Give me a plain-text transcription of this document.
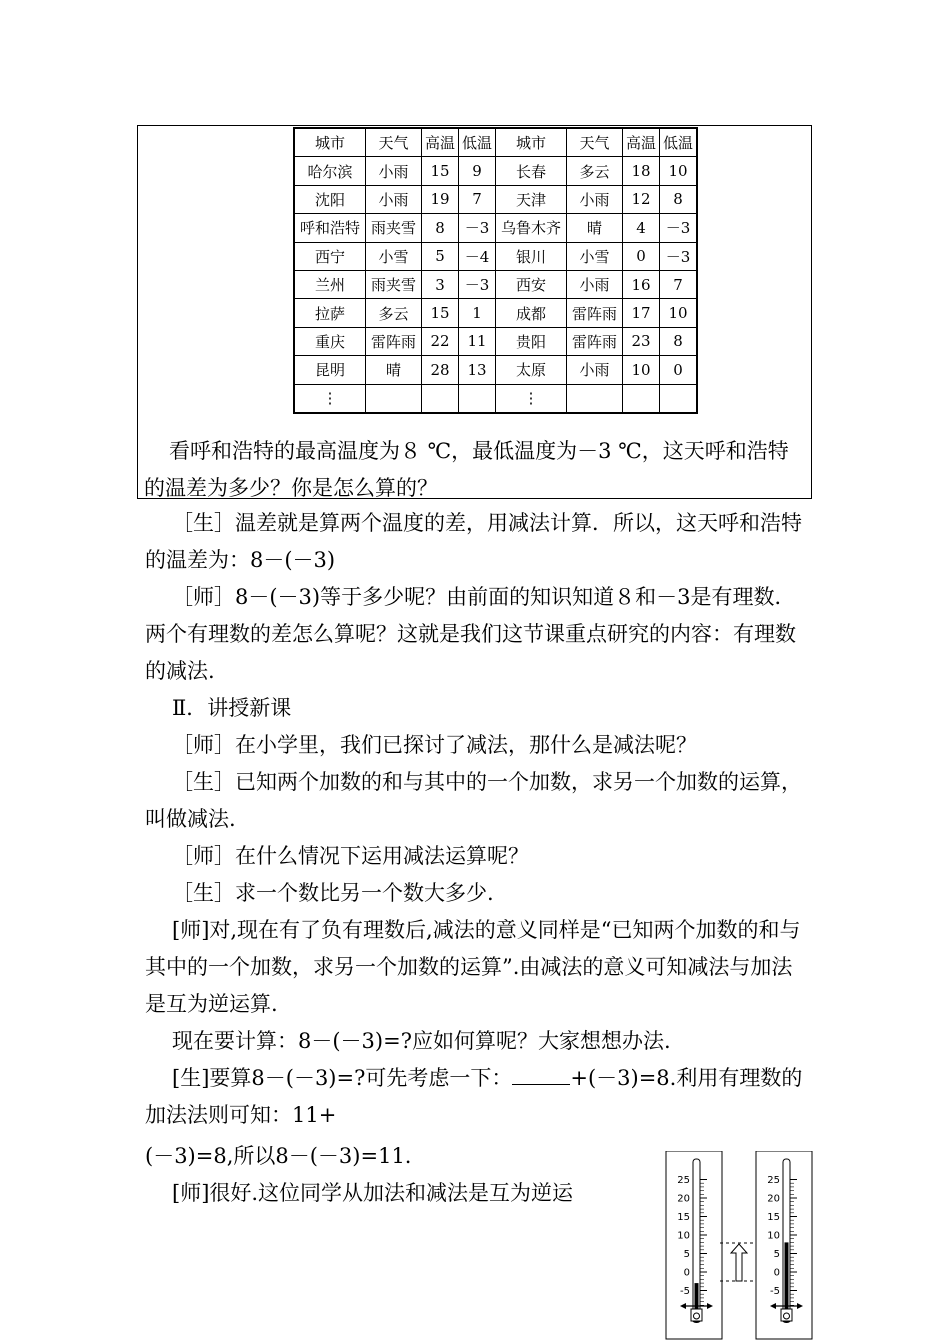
城市	天气	高温	低温	城市	天气	高温	低温
哈尔滨	小雨	15	9	长春	多云	18	10
沈阳	小雨	19	7	天津	小雨	12	8
呼和浩特	雨夹雪	8	－3	乌鲁木齐	晴	4	－3
西宁	小雪	5	－4	银川	小雪	0	－3
兰州	雨夹雪	3	－3	西安	小雨	16	7
拉萨	多云	15	1	成都	雷阵雨	17	10
重庆	雷阵雨	22	11	贵阳	雷阵雨	23	8
昆明	晴	28	13	太原	小雨	10	0
⋮				⋮			

看呼和浩特的最高温度为８ ℃，最低温度为－3 ℃，这天呼和浩特的温差为多少？你是怎么算的？

［生］温差就是算两个温度的差，用减法计算．所以，这天呼和浩特的温差为：8－(－3)

［师］8－(－3)等于多少呢？由前面的知识知道８和－3是有理数．两个有理数的差怎么算呢？这就是我们这节课重点研究的内容：有理数的减法.

Ⅱ．讲授新课

［师］在小学里，我们已探讨了减法，那什么是减法呢？

［生］已知两个加数的和与其中的一个加数，求另一个加数的运算，叫做减法.

［师］在什么情况下运用减法运算呢？

［生］求一个数比另一个数大多少.

[师]对,现在有了负有理数后,减法的意义同样是“已知两个加数的和与其中的一个加数，求另一个加数的运算”.由减法的意义可知减法与加法是互为逆运算.

现在要计算：8－(－3)=?应如何算呢？大家想想办法.

[生]要算8－(－3)=?可先考虑一下：	+(－3)=8.利用有理数的加法法则可知：11+

(－3)=8,所以8－(－3)=11.

[师]很好.这位同学从加法和减法是互为逆运

25
20
15
10
5
0
-5
25
20
15
10
5
0
-5
